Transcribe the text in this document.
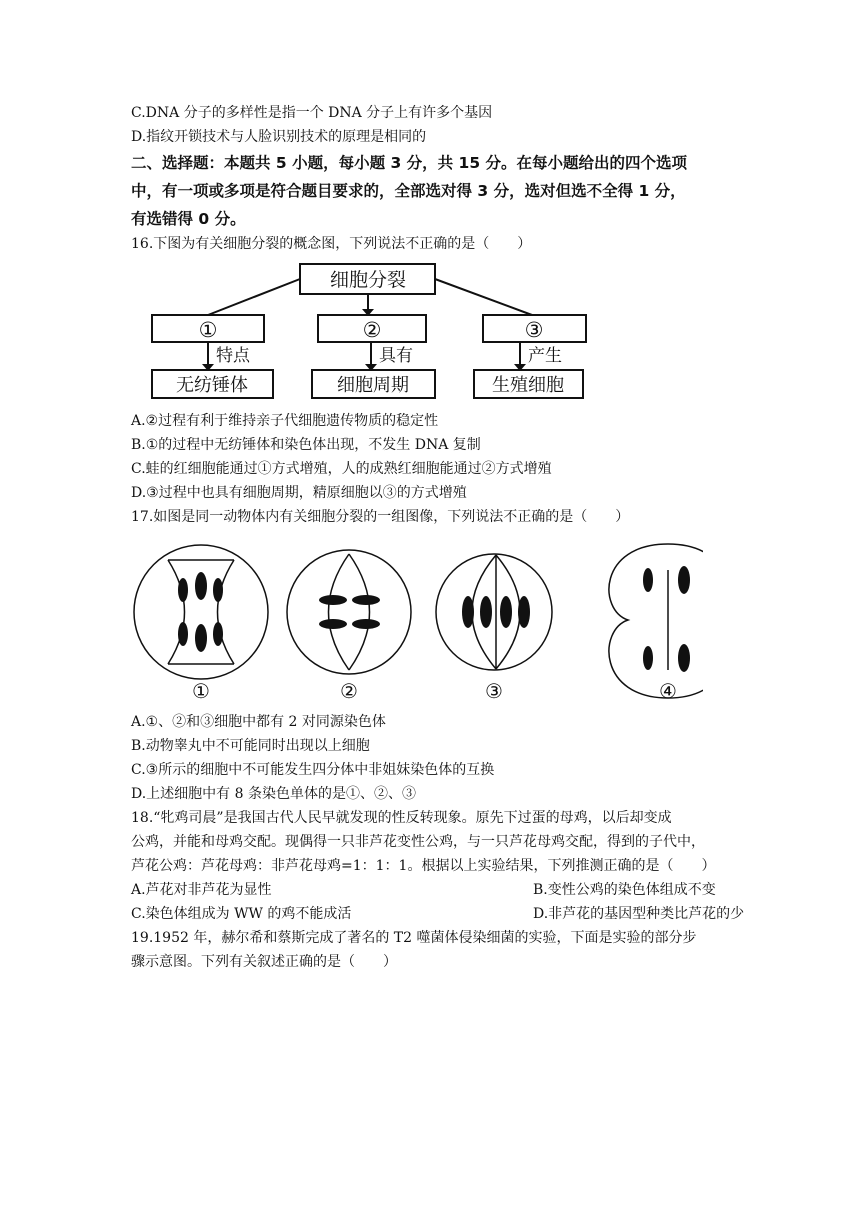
C.DNA 分子的多样性是指一个 DNA 分子上有许多个基因
D.指纹开锁技术与人脸识别技术的原理是相同的
二、选择题：本题共 5 小题，每小题 3 分，共 15 分。在每小题给出的四个选项
中，有一项或多项是符合题目要求的，全部选对得 3 分，选对但选不全得 1 分，
有选错得 0 分。
16.下图为有关细胞分裂的概念图，下列说法不正确的是（　　）
细胞分裂
①	②	③
特点	具有	产生
无纺锤体	细胞周期	生殖细胞
A.②过程有利于维持亲子代细胞遗传物质的稳定性
B.①的过程中无纺锤体和染色体出现，不发生 DNA 复制
C.蛙的红细胞能通过①方式增殖，人的成熟红细胞能通过②方式增殖
D.③过程中也具有细胞周期，精原细胞以③的方式增殖
17.如图是同一动物体内有关细胞分裂的一组图像，下列说法不正确的是（　　）
①	②	③	④
A.①、②和③细胞中都有 2 对同源染色体
B.动物睾丸中不可能同时出现以上细胞
C.③所示的细胞中不可能发生四分体中非姐妹染色体的互换
D.上述细胞中有 8 条染色单体的是①、②、③
18.“牝鸡司晨”是我国古代人民早就发现的性反转现象。原先下过蛋的母鸡，以后却变成
公鸡，并能和母鸡交配。现偶得一只非芦花变性公鸡，与一只芦花母鸡交配，得到的子代中，
芦花公鸡：芦花母鸡：非芦花母鸡=1：1：1。根据以上实验结果，下列推测正确的是（　　）
A.芦花对非芦花为显性	B.变性公鸡的染色体组成不变
C.染色体组成为 WW 的鸡不能成活	D.非芦花的基因型种类比芦花的少
19.1952 年，赫尔希和蔡斯完成了著名的 T2 噬菌体侵染细菌的实验，下面是实验的部分步
骤示意图。下列有关叙述正确的是（　　）
